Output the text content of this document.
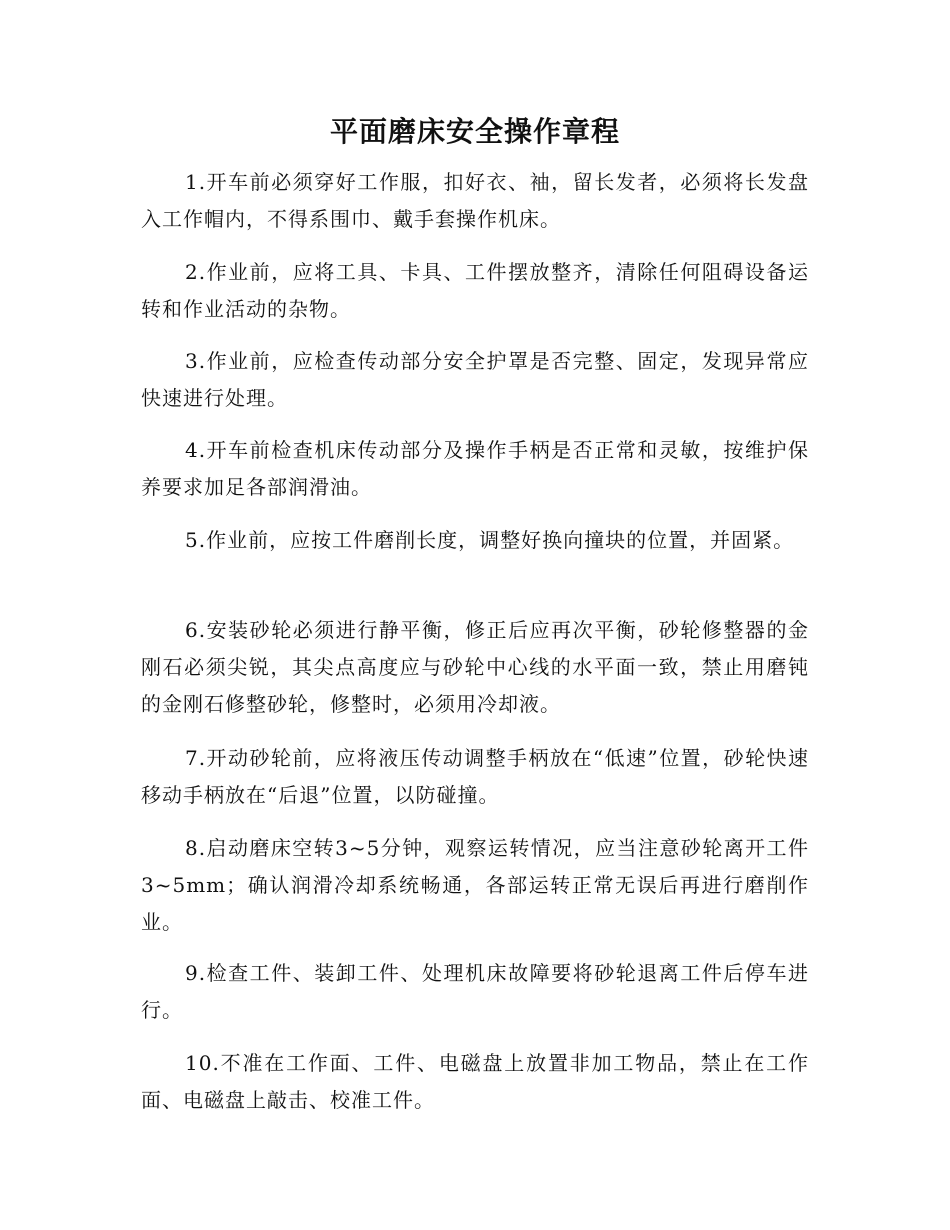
平面磨床安全操作章程

1.开车前必须穿好工作服，扣好衣、袖，留长发者，必须将长发盘入工作帽内，不得系围巾、戴手套操作机床。

2.作业前，应将工具、卡具、工件摆放整齐，清除任何阻碍设备运转和作业活动的杂物。

3.作业前，应检查传动部分安全护罩是否完整、固定，发现异常应快速进行处理。

4.开车前检查机床传动部分及操作手柄是否正常和灵敏，按维护保养要求加足各部润滑油。

5.作业前，应按工件磨削长度，调整好换向撞块的位置，并固紧。

6.安装砂轮必须进行静平衡，修正后应再次平衡，砂轮修整器的金刚石必须尖锐，其尖点高度应与砂轮中心线的水平面一致，禁止用磨钝的金刚石修整砂轮，修整时，必须用冷却液。

7.开动砂轮前，应将液压传动调整手柄放在“低速”位置，砂轮快速移动手柄放在“后退”位置，以防碰撞。

8.启动磨床空转3~5分钟，观察运转情况，应当注意砂轮离开工件3~5mm；确认润滑冷却系统畅通，各部运转正常无误后再进行磨削作业。

9.检查工件、装卸工件、处理机床故障要将砂轮退离工件后停车进行。

10.不准在工作面、工件、电磁盘上放置非加工物品，禁止在工作面、电磁盘上敲击、校准工件。
